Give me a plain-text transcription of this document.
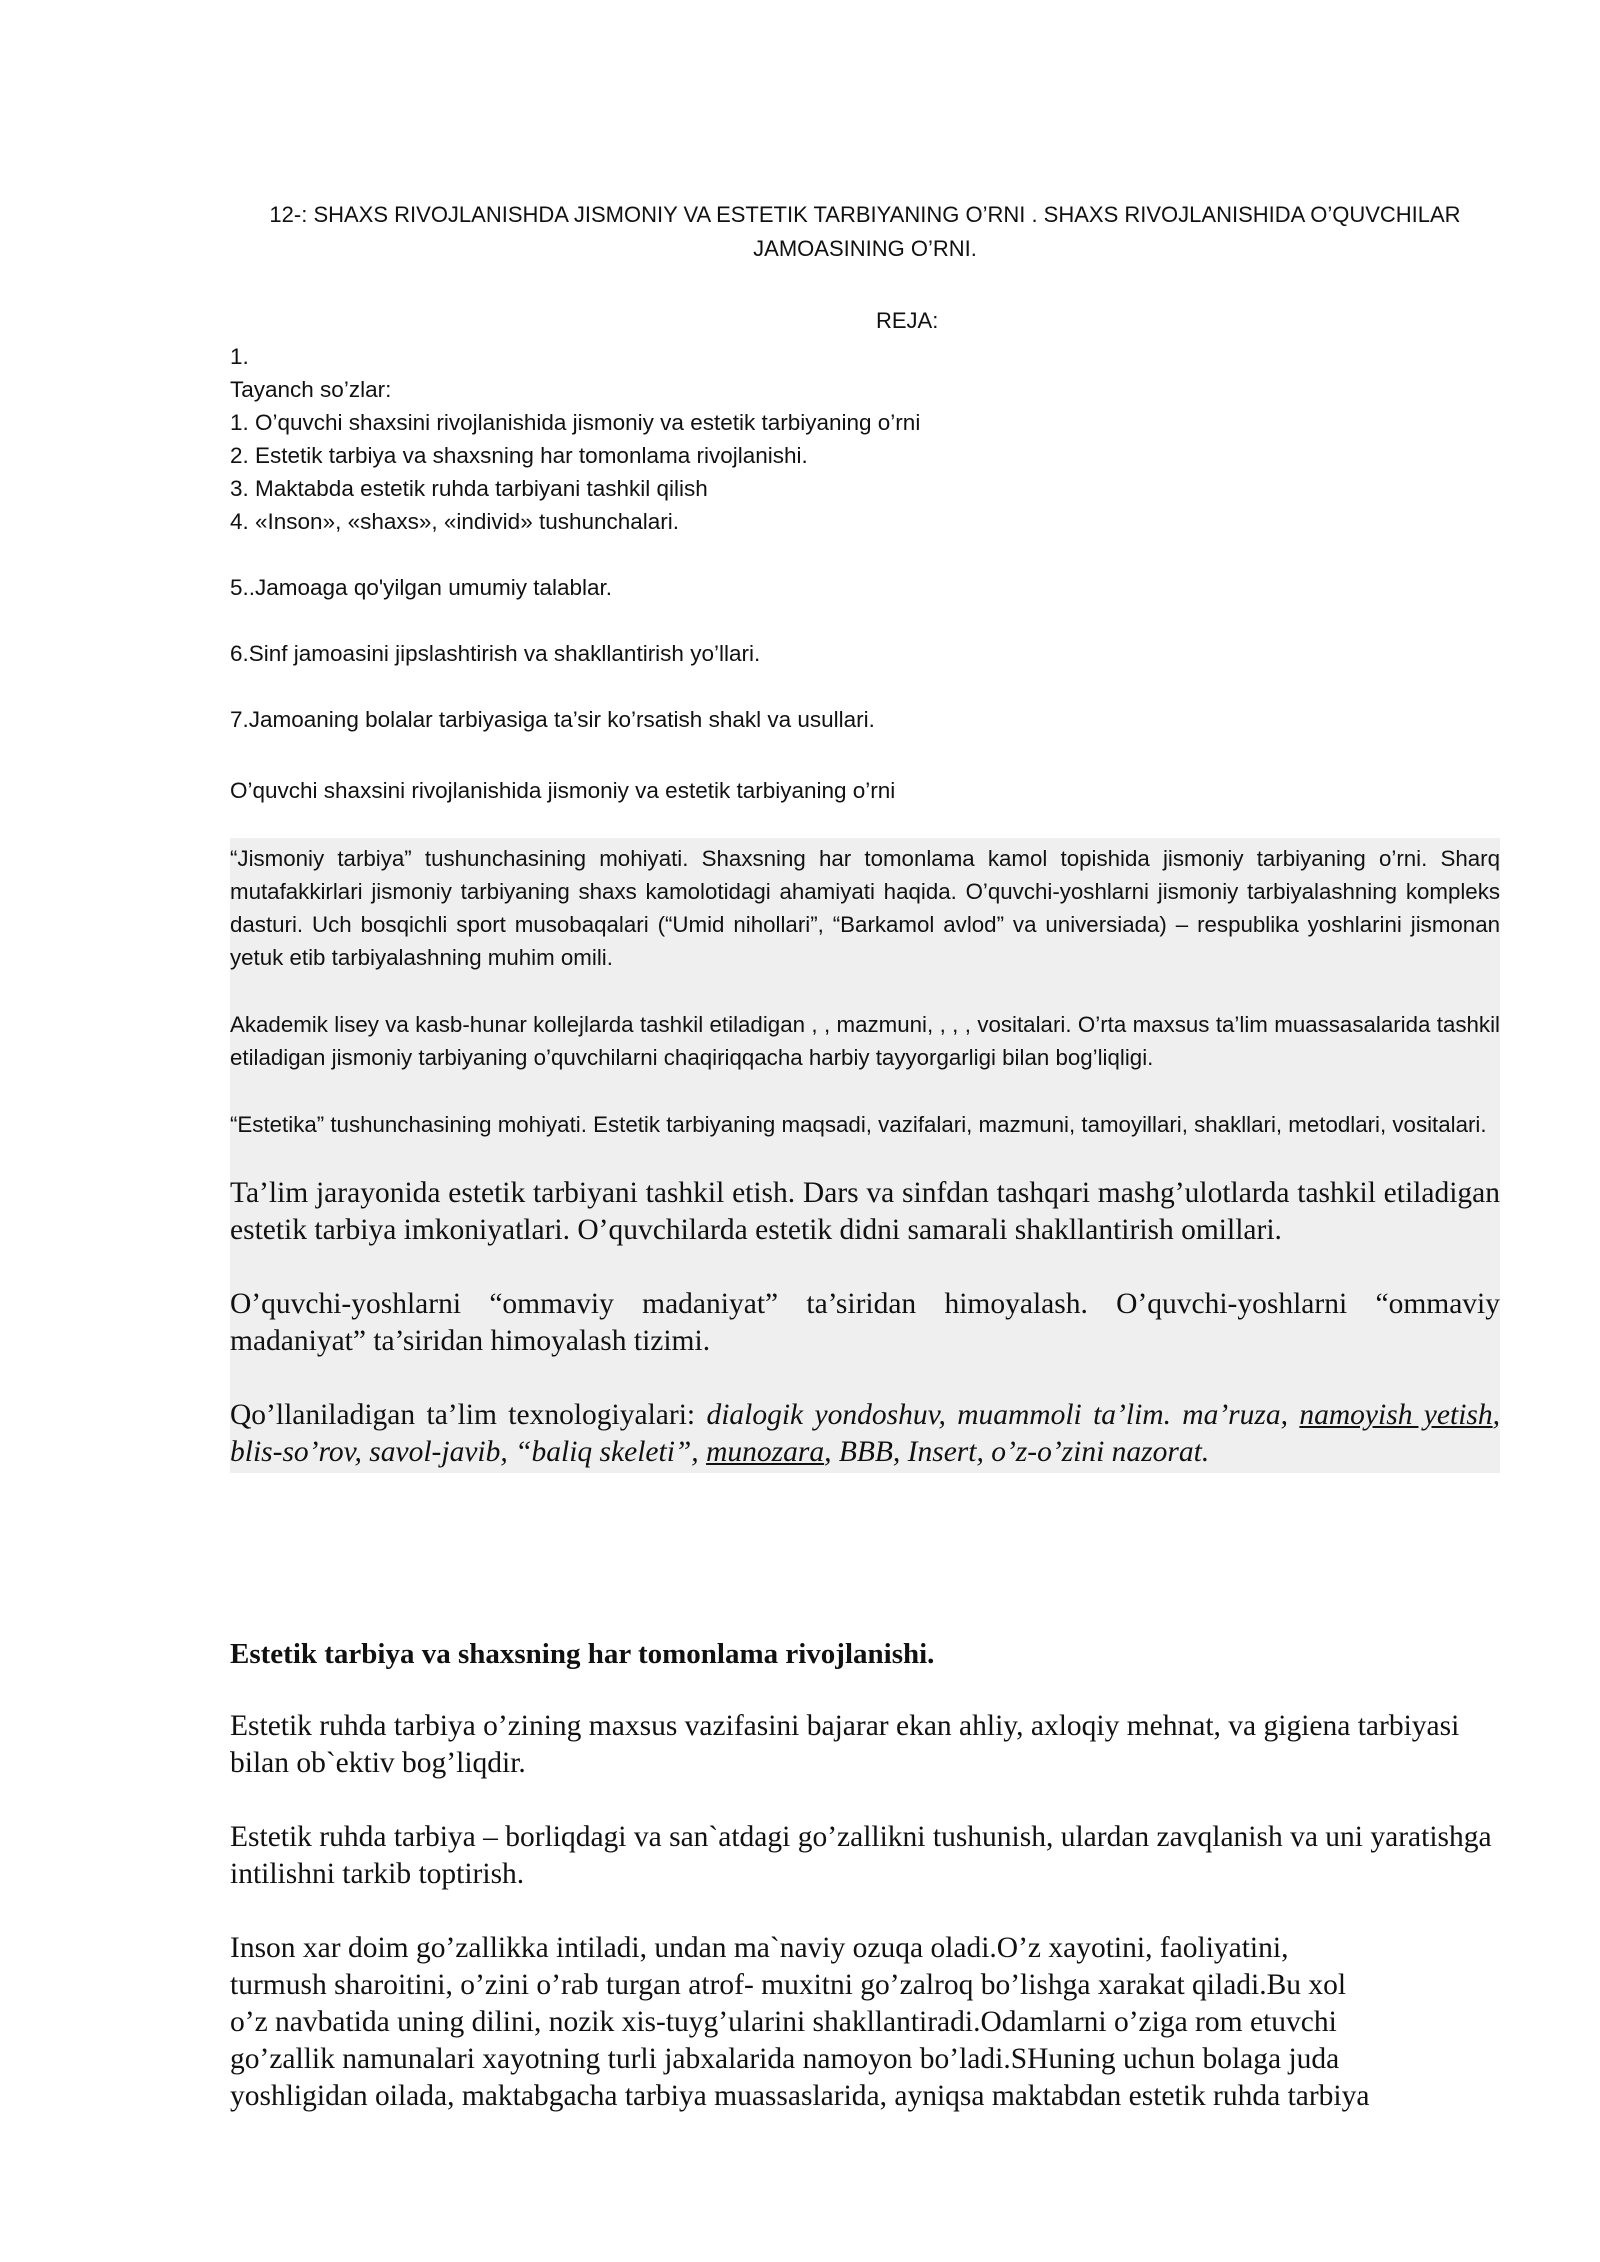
12-: SHAXS RIVOJLANISHDA JISMONIY VA ESTETIK TARBIYANING O’RNI . SHAXS RIVOJLANISHIDA O’QUVCHILAR
JAMOASINING O’RNI.
REJA:
1.
Tayanch so’zlar:
1. O’quvchi shaxsini rivojlanishida jismoniy va estetik tarbiyaning o’rni
2. Estetik tarbiya va shaxsning har tomonlama rivojlanishi.
3. Maktabda estetik ruhda tarbiyani tashkil qilish
4. «Inson», «shaxs», «individ» tushunchalari.
5..Jamoaga qo'yilgan umumiy talablar.
6.Sinf jamoasini jipslashtirish va shakllantirish yo’llari.
7.Jamoaning bolalar tarbiyasiga ta’sir ko’rsatish shakl va usullari.
O’quvchi shaxsini rivojlanishida jismoniy va estetik tarbiyaning o’rni

“Jismoniy tarbiya” tushunchasining mohiyati. Shaxsning har tomonlama kamol topishida jismoniy tarbiyaning o’rni. Sharq mutafakkirlari jismoniy tarbiyaning shaxs kamolotidagi ahamiyati haqida. O’quvchi-yoshlarni jismoniy tarbiyalashning kompleks dasturi. Uch bosqichli sport musobaqalari (“Umid nihollari”, “Barkamol avlod” va universiada) – respublika yoshlarini jismonan yetuk etib tarbiyalashning muhim omili.

Akademik lisey va kasb-hunar kollejlarda tashkil etiladigan , , mazmuni, , , , vositalari. O’rta maxsus ta’lim muassasalarida tashkil etiladigan jismoniy tarbiyaning o’quvchilarni chaqiriqqacha harbiy tayyorgarligi bilan bog’liqligi.

“Estetika” tushunchasining mohiyati. Estetik tarbiyaning maqsadi, vazifalari, mazmuni, tamoyillari, shakllari, metodlari, vositalari.

Ta’lim jarayonida estetik tarbiyani tashkil etish. Dars va sinfdan tashqari mashg’ulotlarda tashkil etiladigan estetik tarbiya imkoniyatlari. O’quvchilarda estetik didni samarali shakllantirish omillari.

O’quvchi-yoshlarni “ommaviy madaniyat” ta’siridan himoyalash. O’quvchi-yoshlarni “ommaviy madaniyat” ta’siridan himoyalash tizimi.

Qo’llaniladigan ta’lim texnologiyalari: dialogik yondoshuv, muammoli ta’lim. ma’ruza, namoyish yetish, blis-so’rov, savol-javib, “baliq skeleti”, munozara, BBB, Insert, o’z-o’zini nazorat.

Estetik tarbiya va shaxsning har tomonlama rivojlanishi.

Estetik ruhda tarbiya o’zining maxsus vazifasini bajarar ekan ahliy, axloqiy mehnat, va gigiena tarbiyasi bilan ob`ektiv bog’liqdir.

Estetik ruhda tarbiya – borliqdagi va san`atdagi go’zallikni tushunish, ulardan zavqlanish va uni yaratishga intilishni tarkib toptirish.

Inson xar doim go’zallikka intiladi, undan ma`naviy ozuqa oladi.O’z xayotini, faoliyatini,
turmush sharoitini, o’zini o’rab turgan atrof- muxitni go’zalroq bo’lishga xarakat qiladi.Bu xol
o’z navbatida uning dilini, nozik xis-tuyg’ularini shakllantiradi.Odamlarni o’ziga rom etuvchi
go’zallik namunalari xayotning turli jabxalarida namoyon bo’ladi.SHuning uchun bolaga juda
yoshligidan oilada, maktabgacha tarbiya muassaslarida, ayniqsa maktabdan estetik ruhda tarbiya
